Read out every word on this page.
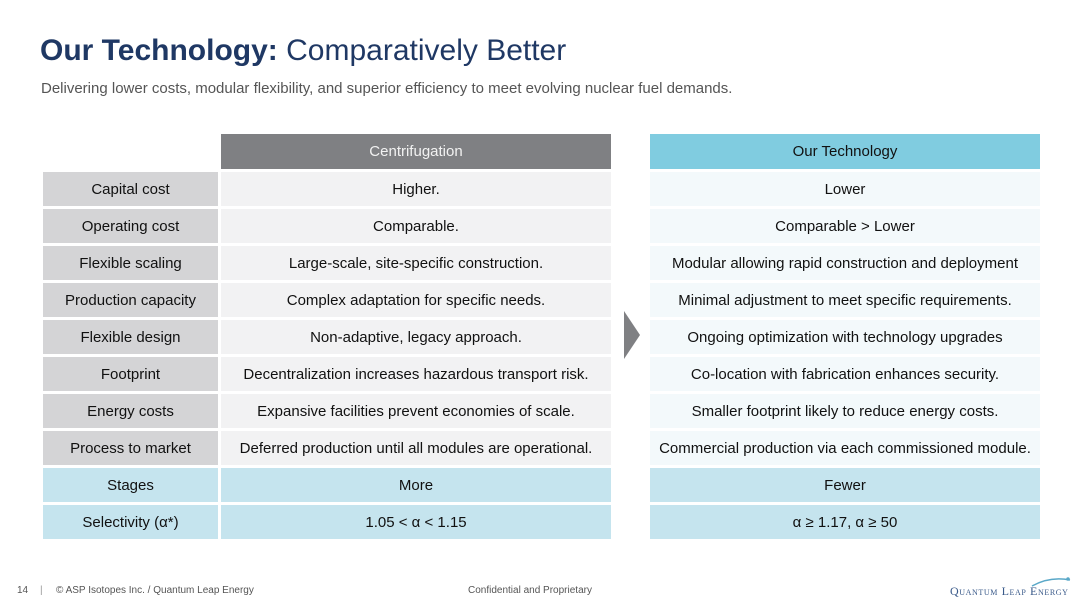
Our Technology: Comparatively Better
Delivering lower costs, modular flexibility, and superior efficiency to meet evolving nuclear fuel demands.
Capital cost
Operating cost
Flexible scaling
Production capacity
Flexible design
Footprint
Energy costs
Process to market
Stages
Selectivity (α*)
Centrifugation
Higher.
Comparable.
Large-scale, site-specific construction.
Complex adaptation for specific needs.
Non-adaptive, legacy approach.
Decentralization increases hazardous transport risk.
Expansive facilities prevent economies of scale.
Deferred production until all modules are operational.
More
1.05 < α < 1.15
Our Technology
Lower
Comparable > Lower
Modular allowing rapid construction and deployment
Minimal adjustment to meet specific requirements.
Ongoing optimization with technology upgrades
Co-location with fabrication enhances security.
Smaller footprint likely to reduce energy costs.
Commercial production via each commissioned module.
Fewer
α ≥ 1.17, α ≥ 50
14 | © ASP Isotopes Inc. / Quantum Leap Energy	Confidential and Proprietary	Quantum Leap Energy
